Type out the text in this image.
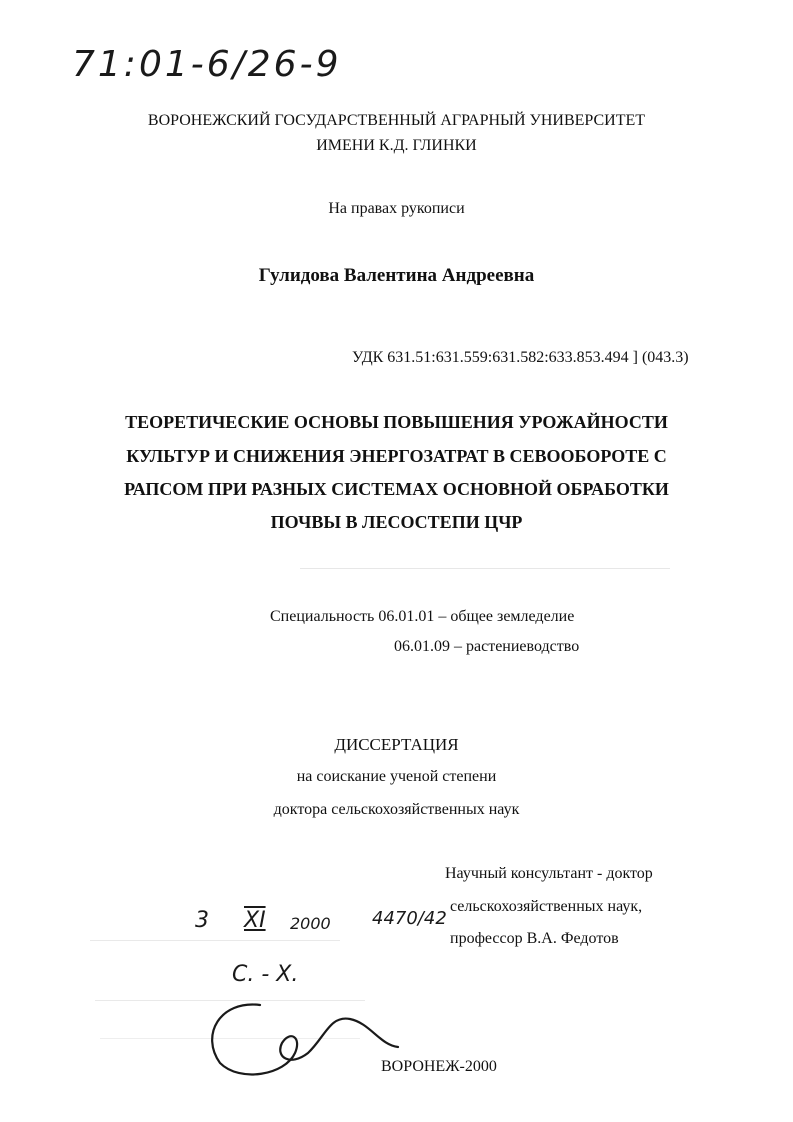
71:01-6/26-9
ВОРОНЕЖСКИЙ ГОСУДАРСТВЕННЫЙ АГРАРНЫЙ УНИВЕРСИТЕТ
ИМЕНИ К.Д. ГЛИНКИ
На правах рукописи
Гулидова Валентина Андреевна
УДК 631.51:631.559:631.582:633.853.494 ] (043.3)
ТЕОРЕТИЧЕСКИЕ ОСНОВЫ ПОВЫШЕНИЯ УРОЖАЙНОСТИ
КУЛЬТУР И СНИЖЕНИЯ ЭНЕРГОЗАТРАТ В СЕВООБОРОТЕ С
РАПСОМ ПРИ РАЗНЫХ СИСТЕМАХ ОСНОВНОЙ ОБРАБОТКИ
ПОЧВЫ В ЛЕСОСТЕПИ ЦЧР
Специальность 06.01.01 – общее земледелие
06.01.09 – растениеводство
ДИССЕРТАЦИЯ
на соискание ученой степени
доктора сельскохозяйственных наук
Научный консультант - доктор
сельскохозяйственных наук,
профессор В.А. Федотов
3 XI 2000 4470/42
С. - Х.
ВОРОНЕЖ-2000
